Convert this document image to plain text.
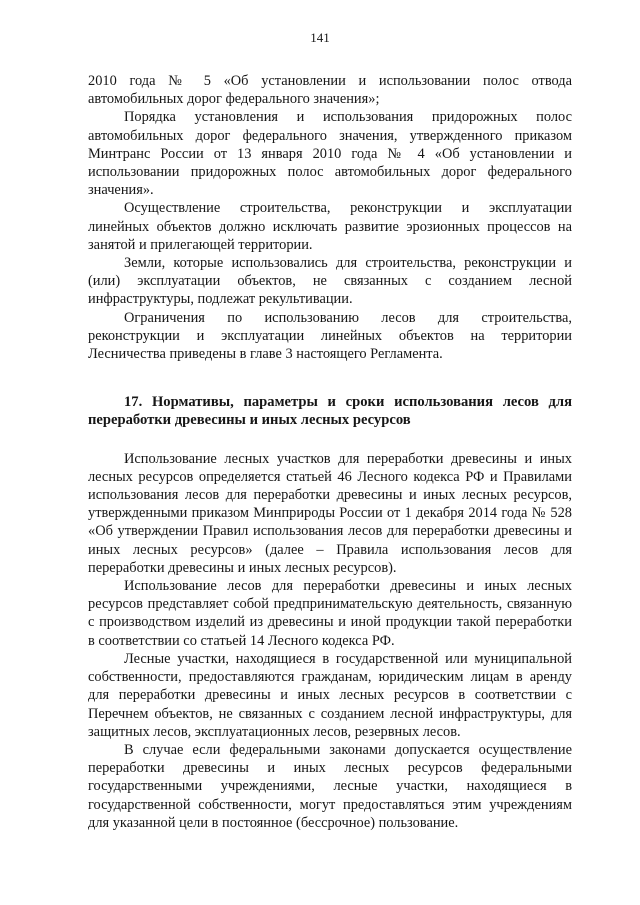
141

2010 года № 5 «Об установлении и использовании полос отвода автомобильных дорог федерального значения»;

Порядка установления и использования придорожных полос автомобильных дорог федерального значения, утвержденного приказом Минтранс России от 13 января 2010 года № 4 «Об установлении и использовании придорожных полос автомобильных дорог федерального значения».

Осуществление строительства, реконструкции и эксплуатации линейных объектов должно исключать развитие эрозионных процессов на занятой и прилегающей территории.

Земли, которые использовались для строительства, реконструкции и (или) эксплуатации объектов, не связанных с созданием лесной инфраструктуры, подлежат рекультивации.

Ограничения по использованию лесов для строительства, реконструкции и эксплуатации линейных объектов на территории Лесничества приведены в главе 3 настоящего Регламента.

17. Нормативы, параметры и сроки использования лесов для переработки древесины и иных лесных ресурсов

Использование лесных участков для переработки древесины и иных лесных ресурсов определяется статьей 46 Лесного кодекса РФ и Правилами использования лесов для переработки древесины и иных лесных ресурсов, утвержденными приказом Минприроды России от 1 декабря 2014 года № 528 «Об утверждении Правил использования лесов для переработки древесины и иных лесных ресурсов» (далее – Правила использования лесов для переработки древесины и иных лесных ресурсов).

Использование лесов для переработки древесины и иных лесных ресурсов представляет собой предпринимательскую деятельность, связанную с производством изделий из древесины и иной продукции такой переработки в соответствии со статьей 14 Лесного кодекса РФ.

Лесные участки, находящиеся в государственной или муниципальной собственности, предоставляются гражданам, юридическим лицам в аренду для переработки древесины и иных лесных ресурсов в соответствии с Перечнем объектов, не связанных с созданием лесной инфраструктуры, для защитных лесов, эксплуатационных лесов, резервных лесов.

В случае если федеральными законами допускается осуществление переработки древесины и иных лесных ресурсов федеральными государственными учреждениями, лесные участки, находящиеся в государственной собственности, могут предоставляться этим учреждениям для указанной цели в постоянное (бессрочное) пользование.
